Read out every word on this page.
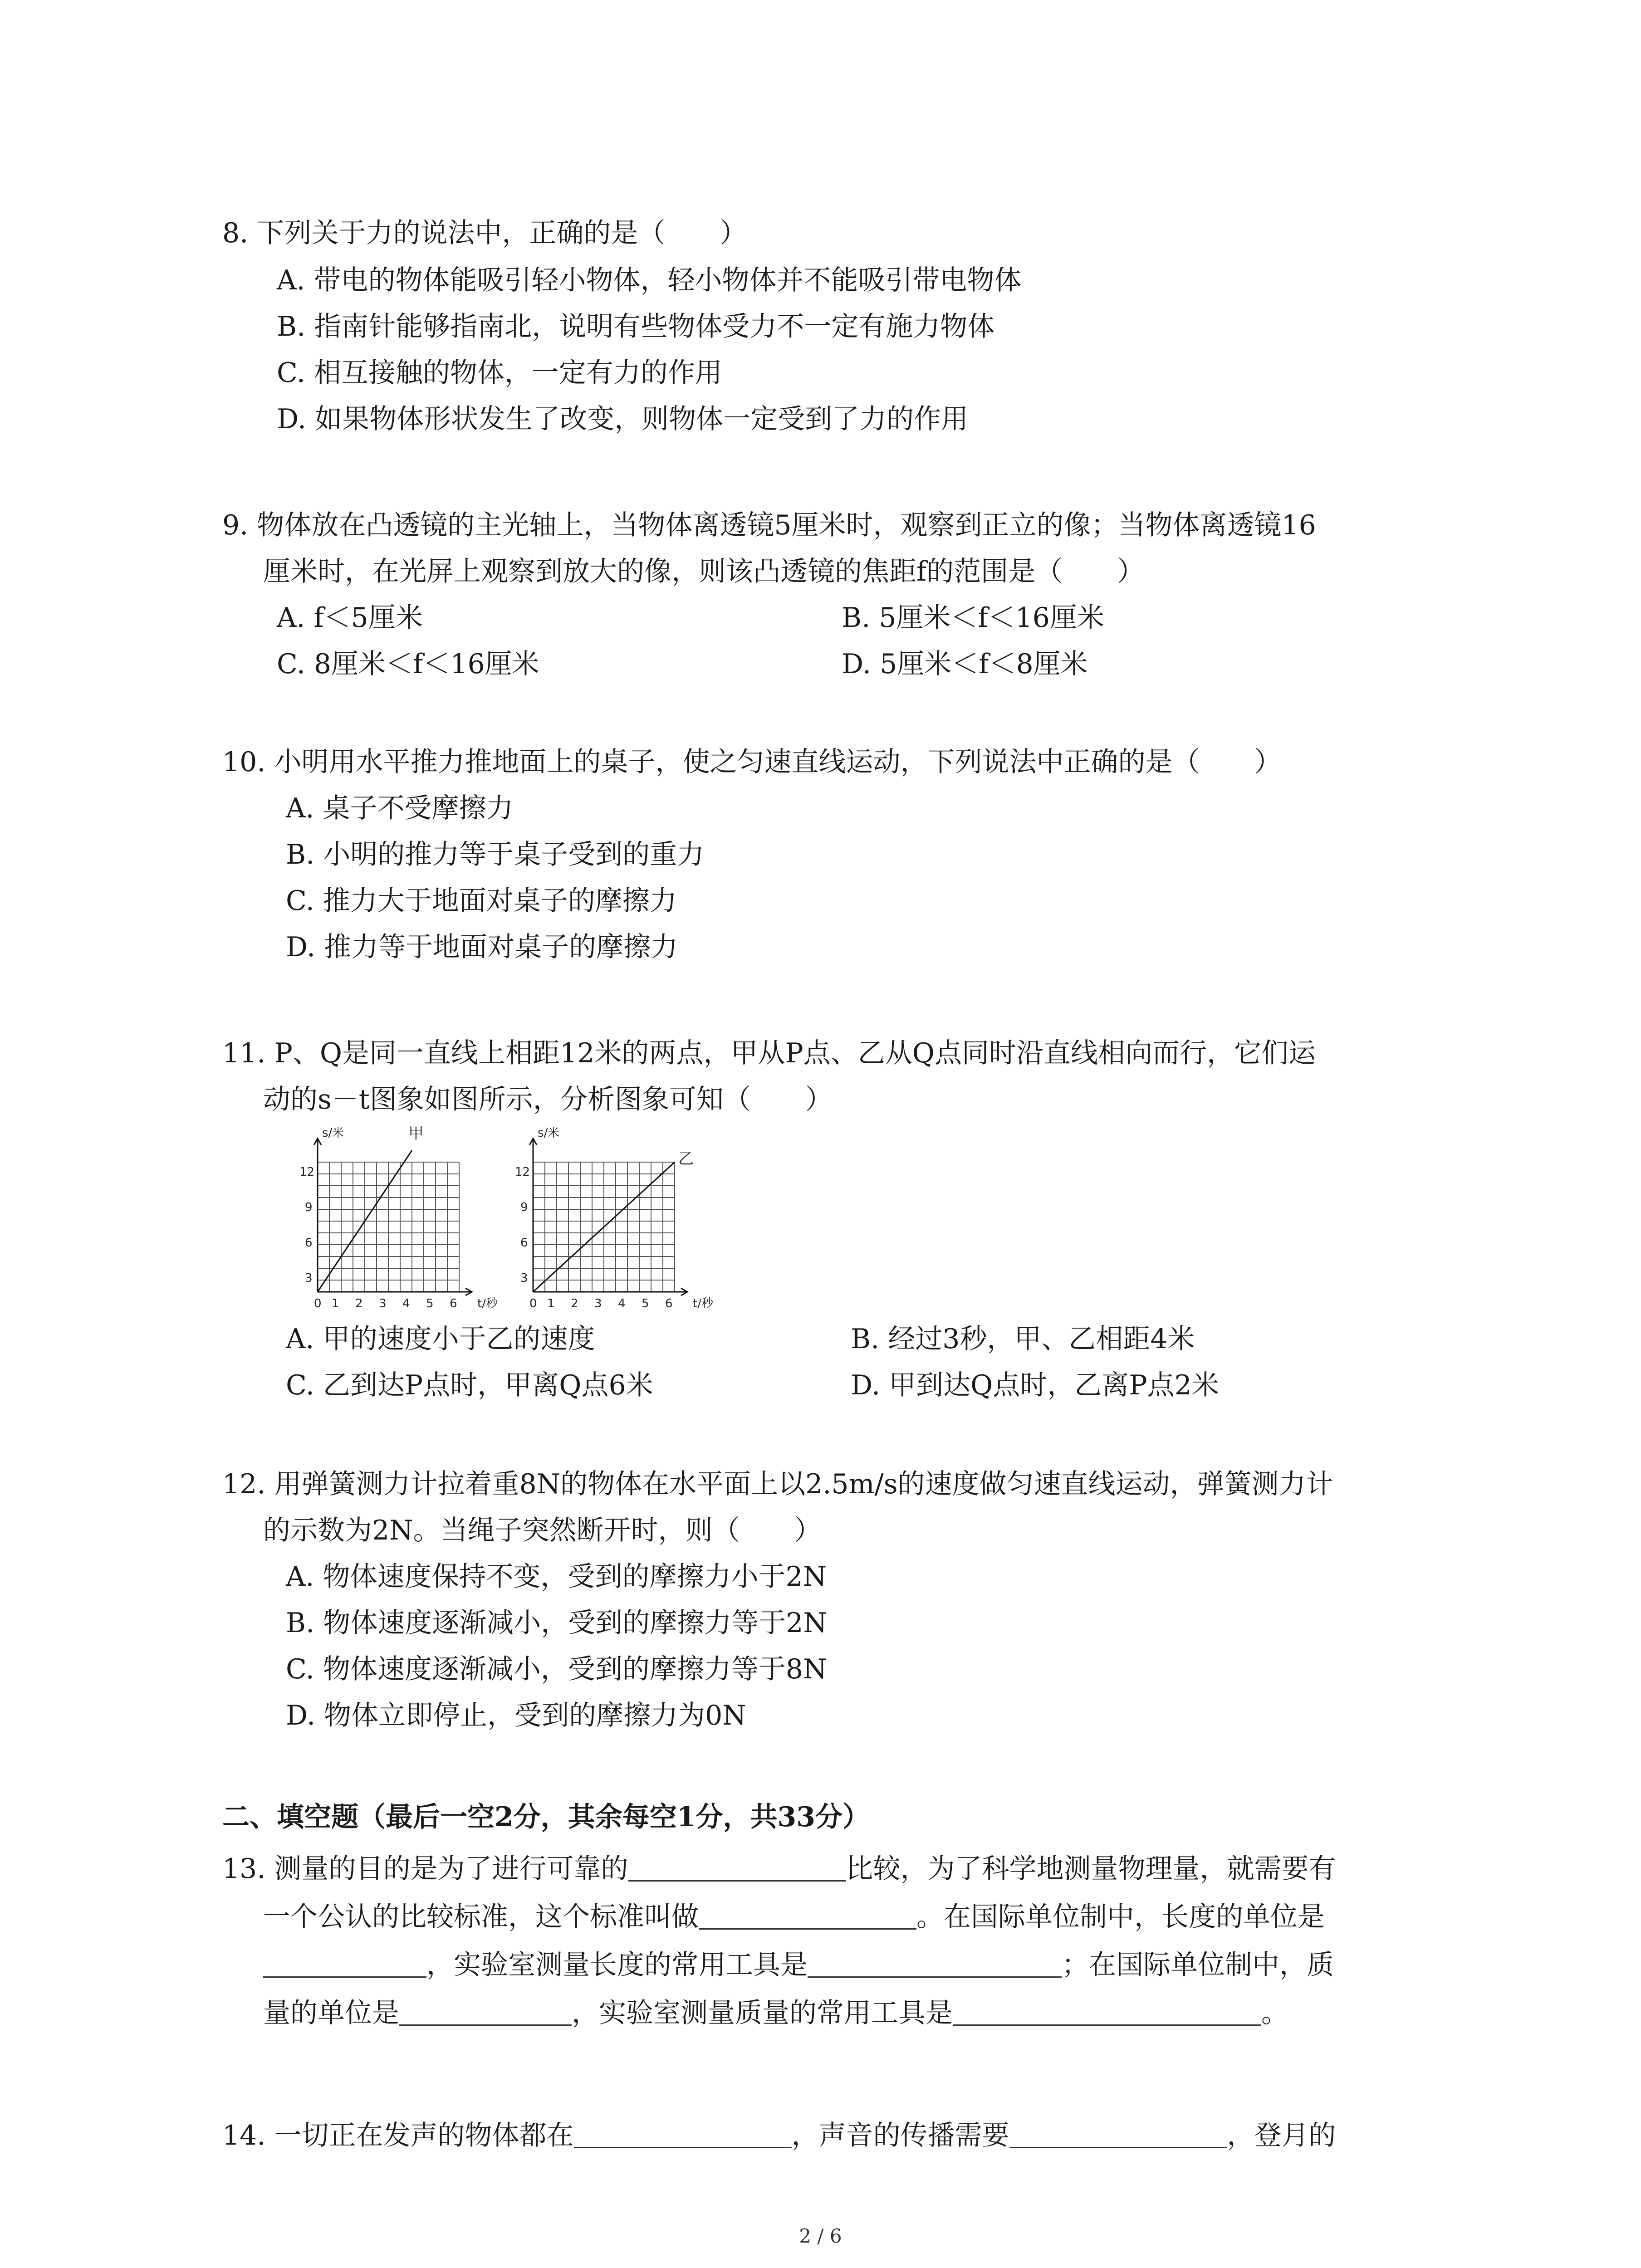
8. 下列关于力的说法中，正确的是（　　）
A. 带电的物体能吸引轻小物体，轻小物体并不能吸引带电物体
B. 指南针能够指南北，说明有些物体受力不一定有施力物体
C. 相互接触的物体，一定有力的作用
D. 如果物体形状发生了改变，则物体一定受到了力的作用
9. 物体放在凸透镜的主光轴上，当物体离透镜5厘米时，观察到正立的像；当物体离透镜16
厘米时，在光屏上观察到放大的像，则该凸透镜的焦距f的范围是（　　）
A. f＜5厘米	B. 5厘米＜f＜16厘米
C. 8厘米＜f＜16厘米	D. 5厘米＜f＜8厘米
10. 小明用水平推力推地面上的桌子，使之匀速直线运动，下列说法中正确的是（　　）
A. 桌子不受摩擦力
B. 小明的推力等于桌子受到的重力
C. 推力大于地面对桌子的摩擦力
D. 推力等于地面对桌子的摩擦力
11. P、Q是同一直线上相距12米的两点，甲从P点、乙从Q点同时沿直线相向而行，它们运
动的s－t图象如图所示，分析图象可知（　　）
s/米	甲
t/秒
12
9
6
3
0 1 2 3 4 5 6
s/米
乙
t/秒
12
9
6
3
0 1 2 3 4 5 6
A. 甲的速度小于乙的速度	B. 经过3秒，甲、乙相距4米
C. 乙到达P点时，甲离Q点6米	D. 甲到达Q点时，乙离P点2米
12. 用弹簧测力计拉着重8N的物体在水平面上以2.5m/s的速度做匀速直线运动，弹簧测力计
的示数为2N。当绳子突然断开时，则（　　）
A. 物体速度保持不变，受到的摩擦力小于2N
B. 物体速度逐渐减小，受到的摩擦力等于2N
C. 物体速度逐渐减小，受到的摩擦力等于8N
D. 物体立即停止，受到的摩擦力为0N
二、填空题（最后一空2分，其余每空1分，共33分）
13. 测量的目的是为了进行可靠的	比较，为了科学地测量物理量，就需要有
一个公认的比较标准，这个标准叫做	。在国际单位制中，长度的单位是
，实验室测量长度的常用工具是	；在国际单位制中，质
量的单位是	，实验室测量质量的常用工具是	。
14. 一切正在发声的物体都在	，声音的传播需要	，登月的
2 / 6
